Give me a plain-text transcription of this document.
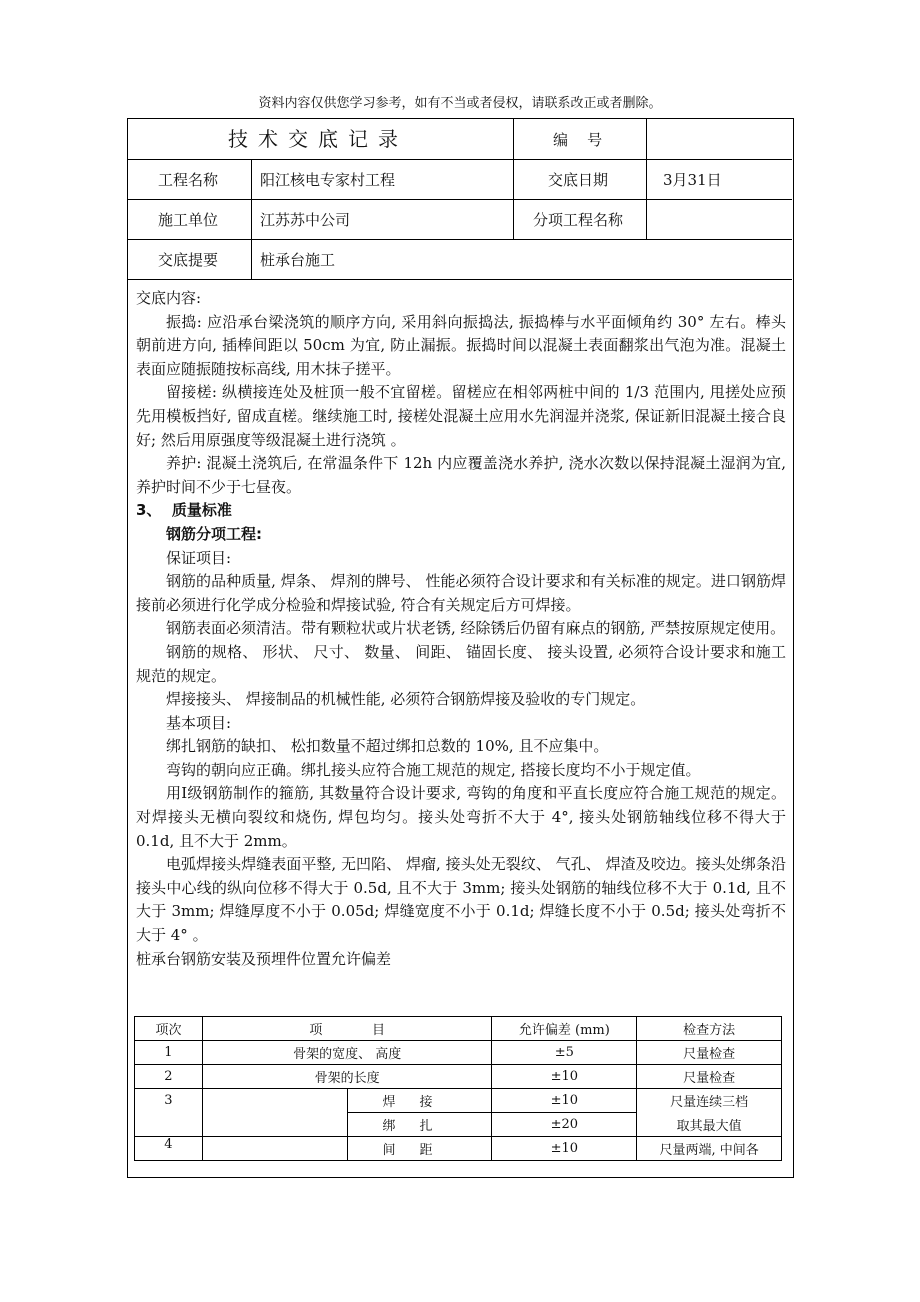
资料内容仅供您学习参考，如有不当或者侵权，请联系改正或者删除。
技术交底记录	编    号
工程名称	阳江核电专家村工程	交底日期	3月31日
施工单位	江苏苏中公司	分项工程名称
交底提要	桩承台施工

交底内容:

振捣: 应沿承台梁浇筑的顺序方向, 采用斜向振捣法, 振捣棒与水平面倾角约 30° 左右。棒头朝前进方向, 插棒间距以 50cm 为宜, 防止漏振。振捣时间以混凝土表面翻浆出气泡为准。混凝土表面应随振随按标高线, 用木抹子搓平。

留接槎: 纵横接连处及桩顶一般不宜留槎。留槎应在相邻两桩中间的 1/3 范围内, 甩搓处应预先用模板挡好, 留成直槎。继续施工时, 接槎处混凝土应用水先润湿并浇浆, 保证新旧混凝土接合良好; 然后用原强度等级混凝土进行浇筑 。

养护: 混凝土浇筑后, 在常温条件下 12h 内应覆盖浇水养护, 浇水次数以保持混凝土湿润为宜, 养护时间不少于七昼夜。

3、  质量标准

钢筋分项工程:

保证项目:

钢筋的品种质量, 焊条、 焊剂的牌号、 性能必须符合设计要求和有关标准的规定。进口钢筋焊接前必须进行化学成分检验和焊接试验, 符合有关规定后方可焊接。

钢筋表面必须清洁。带有颗粒状或片状老锈, 经除锈后仍留有麻点的钢筋, 严禁按原规定使用。

钢筋的规格、 形状、 尺寸、 数量、 间距、 锚固长度、 接头设置, 必须符合设计要求和施工规范的规定。

焊接接头、 焊接制品的机械性能, 必须符合钢筋焊接及验收的专门规定。

基本项目:

绑扎钢筋的缺扣、 松扣数量不超过绑扣总数的 10%, 且不应集中。

弯钩的朝向应正确。绑扎接头应符合施工规范的规定, 搭接长度均不小于规定值。

用Ⅰ级钢筋制作的箍筋, 其数量符合设计要求, 弯钩的角度和平直长度应符合施工规范的规定。 对焊接头无横向裂纹和烧伤, 焊包均匀。接头处弯折不大于 4°, 接头处钢筋轴线位移不得大于 0.1d, 且不大于 2mm。

电弧焊接头焊缝表面平整, 无凹陷、 焊瘤, 接头处无裂纹、 气孔、 焊渣及咬边。接头处绑条沿接头中心线的纵向位移不得大于 0.5d, 且不大于 3mm; 接头处钢筋的轴线位移不大于 0.1d, 且不大于 3mm; 焊缝厚度不小于 0.05d; 焊缝宽度不小于 0.1d; 焊缝长度不小于 0.5d; 接头处弯折不大于 4° 。

桩承台钢筋安装及预埋件位置允许偏差

项次	项            目		允许偏差 (mm)	检查方法
1	骨架的宽度、 高度		±5	尺量检查
2	骨架的长度		±10	尺量检查
3		焊接	±10	尺量连续三档
		绑扎	±20	取其最大值
4		间距	±10	尺量两端, 中间各
